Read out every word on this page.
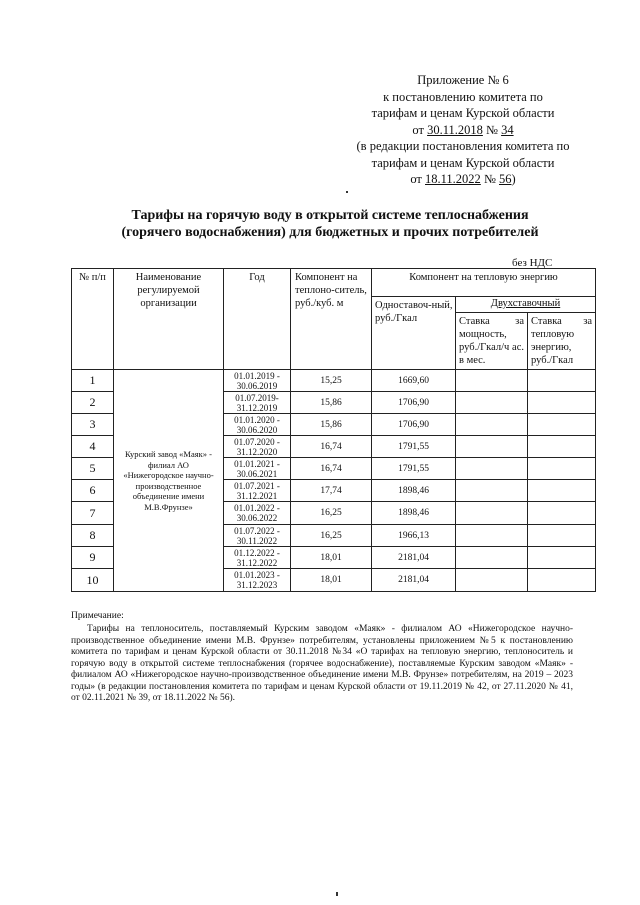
Приложение № 6
к постановлению комитета по
тарифам и ценам Курской области
от 30.11.2018 № 34
(в редакции постановления комитета по
тарифам и ценам Курской области
от 18.11.2022 № 56)
Тарифы на горячую воду в открытой системе теплоснабжения
(горячего водоснабжения) для бюджетных и прочих потребителей
без НДС
№ п/п	Наименование регулируемой организации	Год	Компонент на теплоно-ситель, руб./куб. м	Компонент на тепловую энергию		
				Одноставоч-ный, руб./Гкал	Двухставочный	
					Ставка за мощность, руб./Гкал/ч ас. в мес.	Ставка за тепловую энергию, руб./Гкал
1	Курский завод «Маяк» - филиал АО «Нижегородское научно-производственное объединение имени М.В.Фрунзе»	01.01.2019 - 30.06.2019	15,25	1669,60		
2		01.07.2019-31.12.2019	15,86	1706,90		
3		01.01.2020 - 30.06.2020	15,86	1706,90		
4		01.07.2020 - 31.12.2020	16,74	1791,55		
5		01.01.2021 - 30.06.2021	16,74	1791,55		
6		01.07.2021 - 31.12.2021	17,74	1898,46		
7		01.01.2022 - 30.06.2022	16,25	1898,46		
8		01.07.2022 - 30.11.2022	16,25	1966,13		
9		01.12.2022 - 31.12.2022	18,01	2181,04		
10		01.01.2023 - 31.12.2023	18,01	2181,04		
Примечание:
Тарифы на теплоноситель, поставляемый Курским заводом «Маяк» - филиалом АО «Нижегородское научно-производственное объединение имени М.В. Фрунзе» потребителям, установлены приложением №5 к постановлению комитета по тарифам и ценам Курской области от 30.11.2018 №34 «О тарифах на тепловую энергию, теплоноситель и горячую воду в открытой системе теплоснабжения (горячее водоснабжение), поставляемые Курским заводом «Маяк» - филиалом АО «Нижегородское научно-производственное объединение имени М.В. Фрунзе» потребителям, на 2019 – 2023 годы» (в редакции постановления комитета по тарифам и ценам Курской области от 19.11.2019 № 42, от 27.11.2020 № 41, от 02.11.2021 № 39, от 18.11.2022 № 56).
